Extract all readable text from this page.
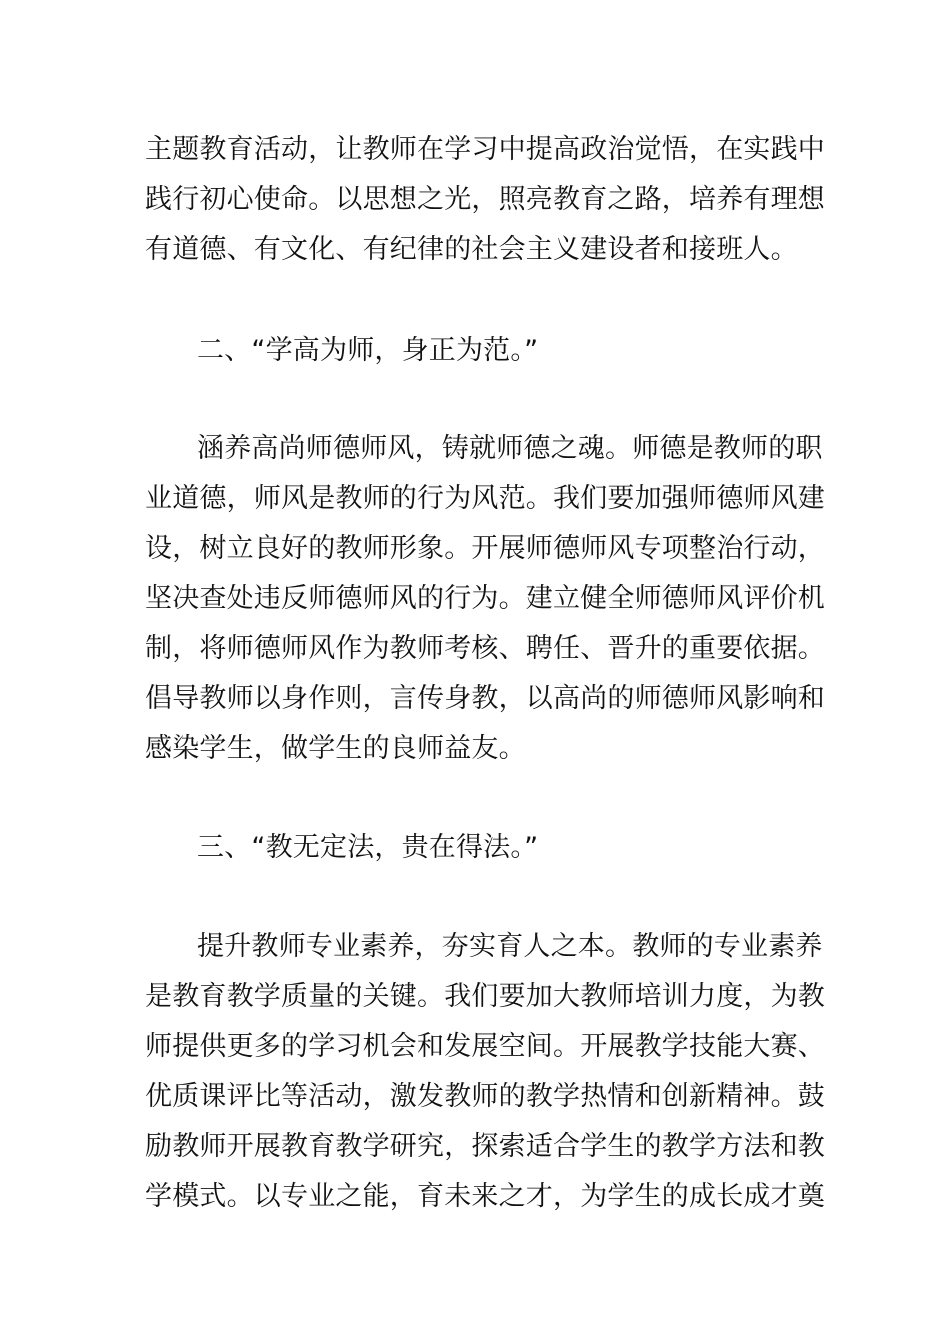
主题教育活动，让教师在学习中提高政治觉悟，在实践中
践行初心使命。以思想之光，照亮教育之路，培养有理想
有道德、有文化、有纪律的社会主义建设者和接班人。
二、“学高为师，身正为范。”
涵养高尚师德师风，铸就师德之魂。师德是教师的职
业道德，师风是教师的行为风范。我们要加强师德师风建
设，树立良好的教师形象。开展师德师风专项整治行动，
坚决查处违反师德师风的行为。建立健全师德师风评价机
制，将师德师风作为教师考核、聘任、晋升的重要依据。
倡导教师以身作则，言传身教，以高尚的师德师风影响和
感染学生，做学生的良师益友。
三、“教无定法，贵在得法。”
提升教师专业素养，夯实育人之本。教师的专业素养
是教育教学质量的关键。我们要加大教师培训力度，为教
师提供更多的学习机会和发展空间。开展教学技能大赛、
优质课评比等活动，激发教师的教学热情和创新精神。鼓
励教师开展教育教学研究，探索适合学生的教学方法和教
学模式。以专业之能，育未来之才，为学生的成长成才奠
